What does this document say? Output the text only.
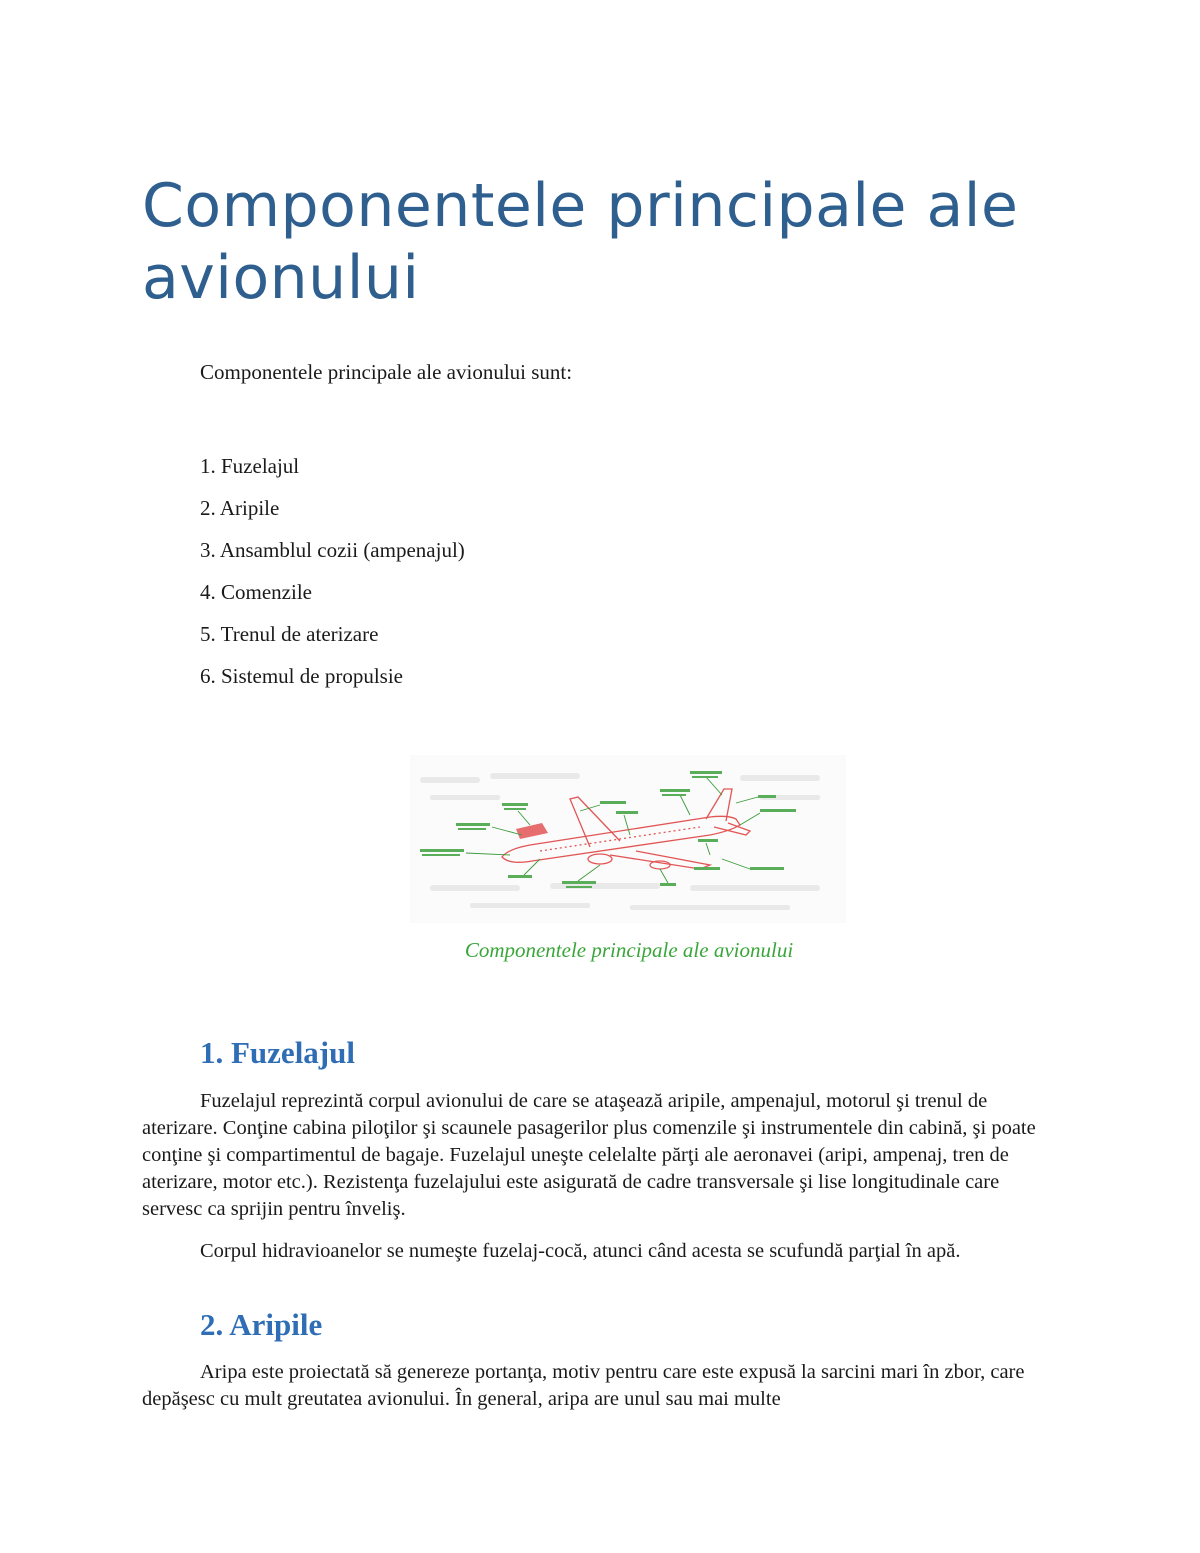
Componentele principale ale avionului

Componentele principale ale avionului sunt:

1. Fuzelajul
2. Aripile
3. Ansamblul cozii (ampenajul)
4. Comenzile
5. Trenul de aterizare
6. Sistemul de propulsie

Componentele principale ale avionului

1. Fuzelajul

Fuzelajul reprezintă corpul avionului de care se ataşează aripile, ampenajul, motorul şi trenul de aterizare. Conţine cabina piloţilor şi scaunele pasagerilor plus comenzile şi instrumentele din cabină, şi poate conţine şi compartimentul de bagaje. Fuzelajul uneşte celelalte părţi ale aeronavei (aripi, ampenaj, tren de aterizare, motor etc.). Rezistenţa fuzelajului este asigurată de cadre transversale şi lise longitudinale care servesc ca sprijin pentru înveliş.

Corpul hidravioanelor se numeşte fuzelaj-cocă, atunci când acesta se scufundă parţial în apă.

2. Aripile

Aripa este proiectată să genereze portanţa, motiv pentru care este expusă la sarcini mari în zbor, care depăşesc cu mult greutatea avionului. În general, aripa are unul sau mai multe
